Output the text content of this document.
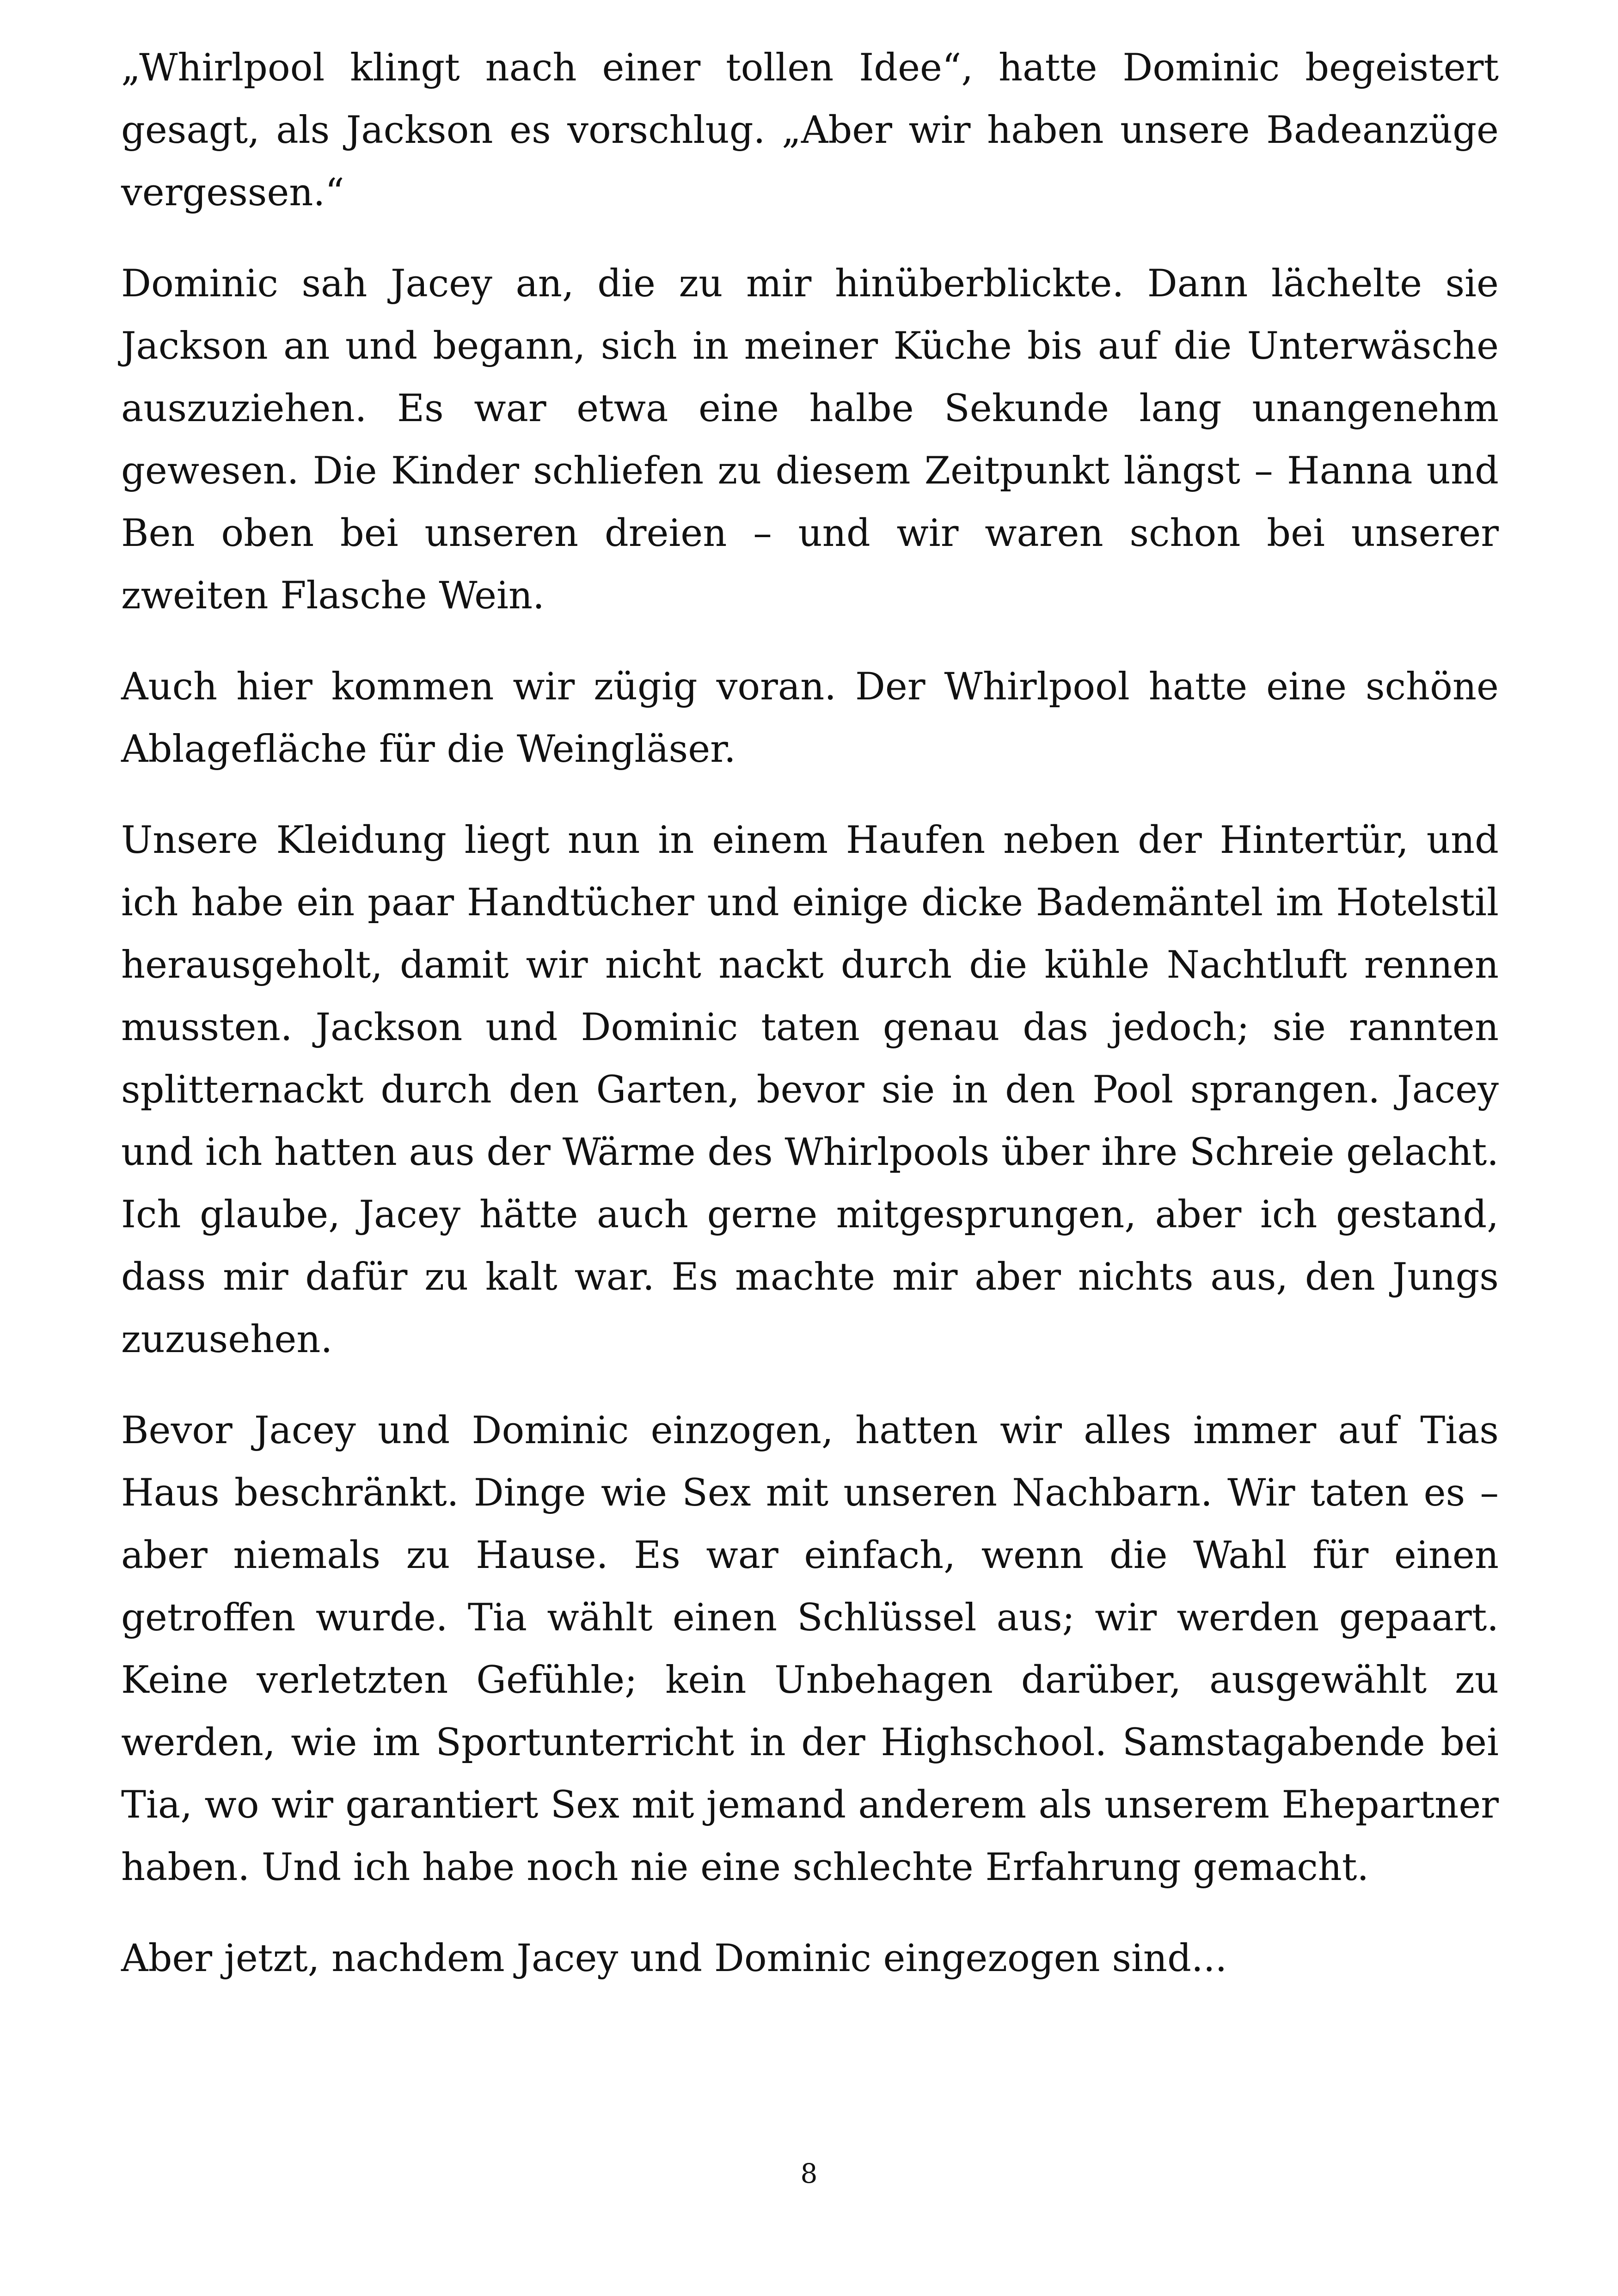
„Whirlpool klingt nach einer tollen Idee“, hatte Dominic begeistert gesagt, als Jackson es vorschlug. „Aber wir haben unsere Badeanzüge vergessen.“

Dominic sah Jacey an, die zu mir hinüberblickte. Dann lächelte sie Jackson an und begann, sich in meiner Küche bis auf die Unterwäsche auszuziehen. Es war etwa eine halbe Sekunde lang unangenehm gewesen. Die Kinder schliefen zu diesem Zeitpunkt längst – Hanna und Ben oben bei unseren dreien – und wir waren schon bei unserer zweiten Flasche Wein.

Auch hier kommen wir zügig voran. Der Whirlpool hatte eine schöne Ablagefläche für die Weingläser.

Unsere Kleidung liegt nun in einem Haufen neben der Hintertür, und ich habe ein paar Handtücher und einige dicke Bademäntel im Hotelstil herausgeholt, damit wir nicht nackt durch die kühle Nachtluft rennen mussten. Jackson und Dominic taten genau das jedoch; sie rannten splitternackt durch den Garten, bevor sie in den Pool sprangen. Jacey und ich hatten aus der Wärme des Whirlpools über ihre Schreie gelacht. Ich glaube, Jacey hätte auch gerne mitgesprungen, aber ich gestand, dass mir dafür zu kalt war. Es machte mir aber nichts aus, den Jungs zuzusehen.

Bevor Jacey und Dominic einzogen, hatten wir alles immer auf Tias Haus beschränkt. Dinge wie Sex mit unseren Nachbarn. Wir taten es – aber niemals zu Hause. Es war einfach, wenn die Wahl für einen getroffen wurde. Tia wählt einen Schlüssel aus; wir werden gepaart. Keine verletzten Gefühle; kein Unbehagen darüber, ausgewählt zu werden, wie im Sportunterricht in der Highschool. Samstagabende bei Tia, wo wir garantiert Sex mit jemand anderem als unserem Ehepartner haben. Und ich habe noch nie eine schlechte Erfahrung gemacht.

Aber jetzt, nachdem Jacey und Dominic eingezogen sind...

8
